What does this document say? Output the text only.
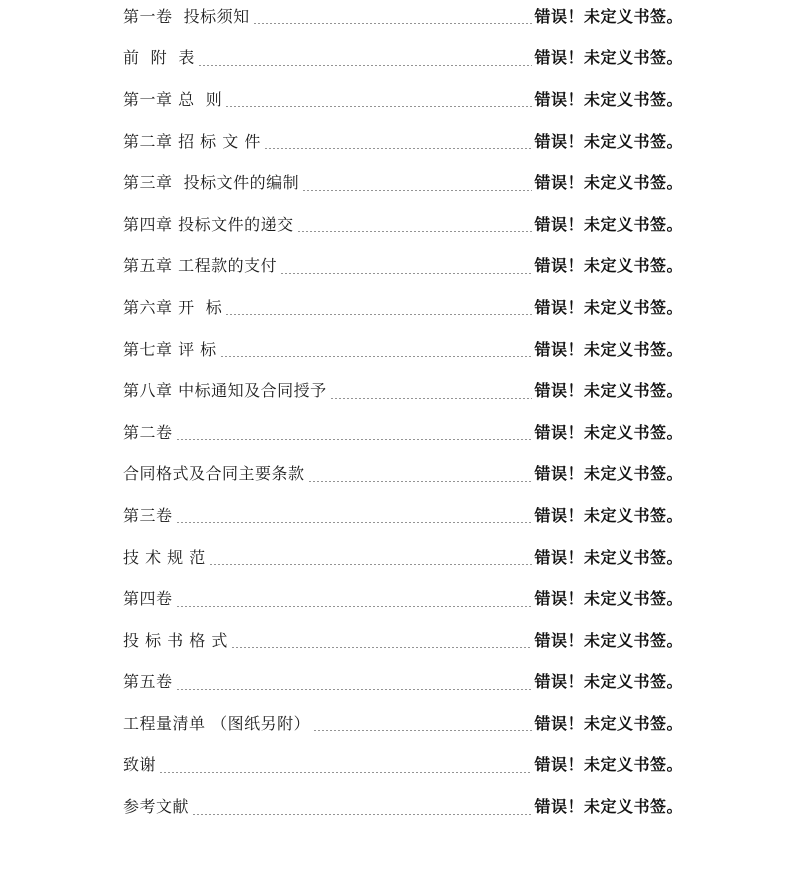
第一卷  投标须知	错误！未定义书签。
前  附  表	错误！未定义书签。
第一章 总  则	错误！未定义书签。
第二章 招 标 文 件	错误！未定义书签。
第三章  投标文件的编制	错误！未定义书签。
第四章 投标文件的递交	错误！未定义书签。
第五章 工程款的支付	错误！未定义书签。
第六章 开  标	错误！未定义书签。
第七章 评 标	错误！未定义书签。
第八章 中标通知及合同授予	错误！未定义书签。
第二卷	错误！未定义书签。
合同格式及合同主要条款	错误！未定义书签。
第三卷	错误！未定义书签。
技 术 规 范	错误！未定义书签。
第四卷	错误！未定义书签。
投 标 书 格 式	错误！未定义书签。
第五卷	错误！未定义书签。
工程量清单 （图纸另附）	错误！未定义书签。
致谢	错误！未定义书签。
参考文献	错误！未定义书签。
